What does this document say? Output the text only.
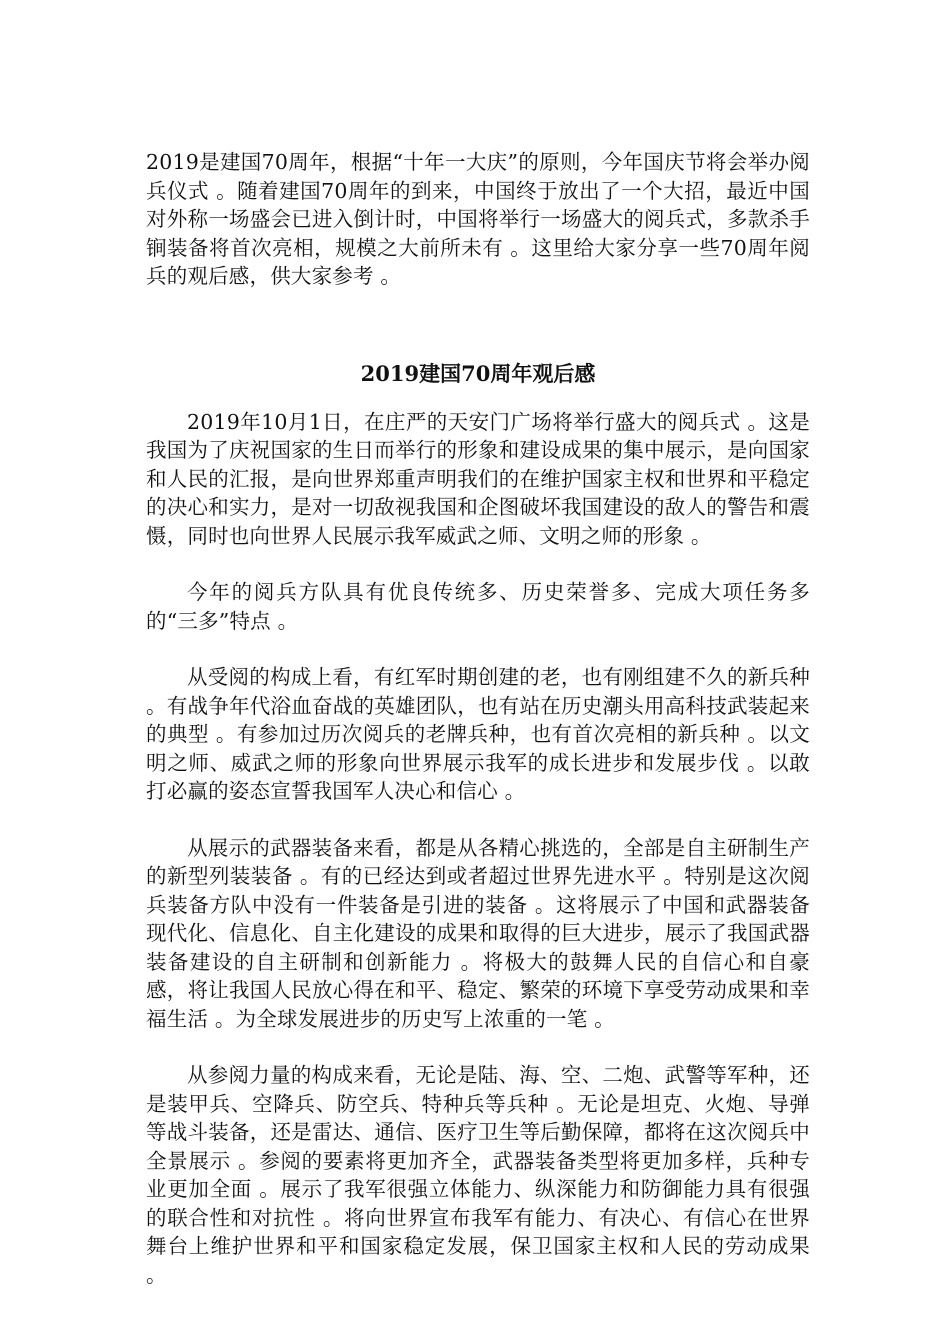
2019是建国70周年，根据“十年一大庆”的原则，今年国庆节将会举办阅兵仪式 。随着建国70周年的到来，中国终于放出了一个大招，最近中国对外称一场盛会已进入倒计时，中国将举行一场盛大的阅兵式，多款杀手锏装备将首次亮相，规模之大前所未有 。这里给大家分享一些70周年阅兵的观后感，供大家参考 。

2019建国70周年观后感

2019年10月1日，在庄严的天安门广场将举行盛大的阅兵式 。这是我国为了庆祝国家的生日而举行的形象和建设成果的集中展示，是向国家和人民的汇报，是向世界郑重声明我们的在维护国家主权和世界和平稳定的决心和实力，是对一切敌视我国和企图破坏我国建设的敌人的警告和震慑，同时也向世界人民展示我军威武之师、文明之师的形象 。

今年的阅兵方队具有优良传统多、历史荣誉多、完成大项任务多的“三多”特点 。

从受阅的构成上看，有红军时期创建的老，也有刚组建不久的新兵种 。有战争年代浴血奋战的英雄团队，也有站在历史潮头用高科技武装起来的典型 。有参加过历次阅兵的老牌兵种，也有首次亮相的新兵种 。以文明之师、威武之师的形象向世界展示我军的成长进步和发展步伐 。以敢打必赢的姿态宣誓我国军人决心和信心 。

从展示的武器装备来看，都是从各精心挑选的，全部是自主研制生产的新型列装装备 。有的已经达到或者超过世界先进水平 。特别是这次阅兵装备方队中没有一件装备是引进的装备 。这将展示了中国和武器装备现代化、信息化、自主化建设的成果和取得的巨大进步，展示了我国武器装备建设的自主研制和创新能力 。将极大的鼓舞人民的自信心和自豪感，将让我国人民放心得在和平、稳定、繁荣的环境下享受劳动成果和幸福生活 。为全球发展进步的历史写上浓重的一笔 。

从参阅力量的构成来看，无论是陆、海、空、二炮、武警等军种，还是装甲兵、空降兵、防空兵、特种兵等兵种 。无论是坦克、火炮、导弹等战斗装备，还是雷达、通信、医疗卫生等后勤保障，都将在这次阅兵中全景展示 。参阅的要素将更加齐全，武器装备类型将更加多样，兵种专业更加全面 。展示了我军很强立体能力、纵深能力和防御能力具有很强的联合性和对抗性 。将向世界宣布我军有能力、有决心、有信心在世界舞台上维护世界和平和国家稳定发展，保卫国家主权和人民的劳动成果 。
